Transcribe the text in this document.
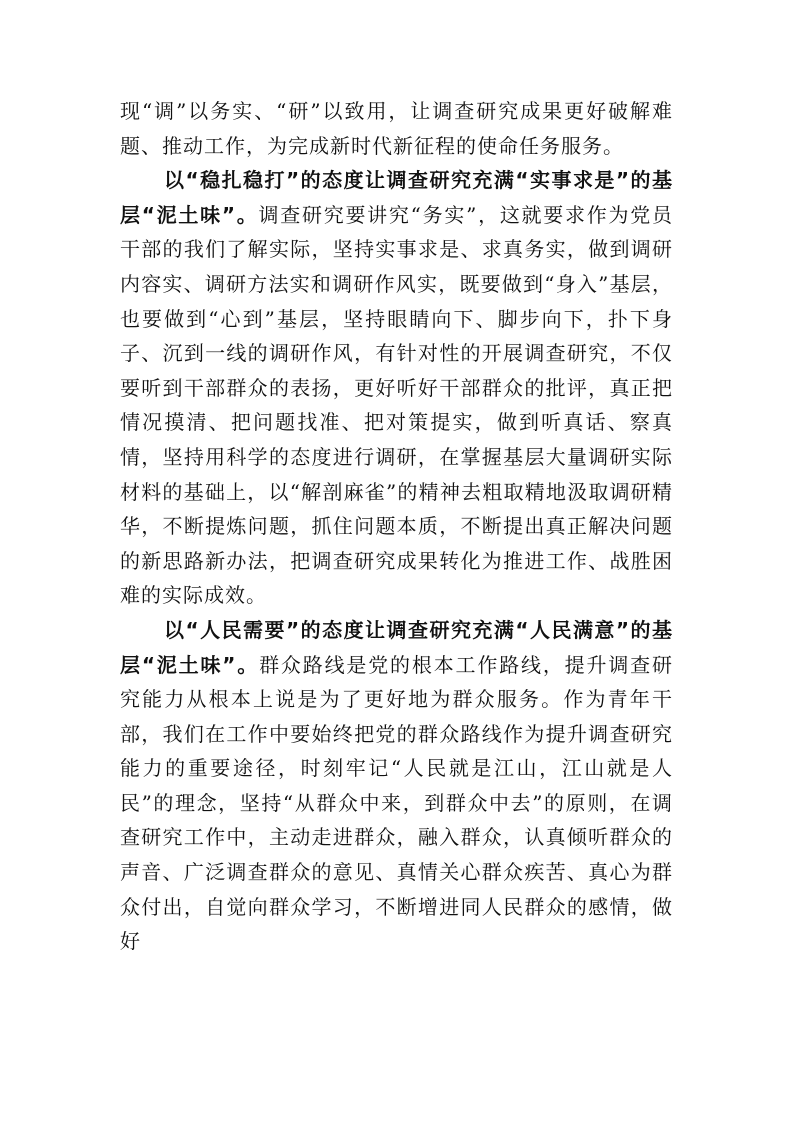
现“调”以务实、“研”以致用，让调查研究成果更好破解难题、推动工作，为完成新时代新征程的使命任务服务。

以“稳扎稳打”的态度让调查研究充满“实事求是”的基层“泥土味”。调查研究要讲究“务实”，这就要求作为党员干部的我们了解实际，坚持实事求是、求真务实，做到调研内容实、调研方法实和调研作风实，既要做到“身入”基层，也要做到“心到”基层，坚持眼睛向下、脚步向下，扑下身子、沉到一线的调研作风，有针对性的开展调查研究，不仅要听到干部群众的表扬，更好听好干部群众的批评，真正把情况摸清、把问题找准、把对策提实，做到听真话、察真情，坚持用科学的态度进行调研，在掌握基层大量调研实际材料的基础上，以“解剖麻雀”的精神去粗取精地汲取调研精华，不断提炼问题，抓住问题本质，不断提出真正解决问题的新思路新办法，把调查研究成果转化为推进工作、战胜困难的实际成效。

以“人民需要”的态度让调查研究充满“人民满意”的基层“泥土味”。群众路线是党的根本工作路线，提升调查研究能力从根本上说是为了更好地为群众服务。作为青年干部，我们在工作中要始终把党的群众路线作为提升调查研究能力的重要途径，时刻牢记“人民就是江山，江山就是人民”的理念，坚持“从群众中来，到群众中去”的原则，在调查研究工作中，主动走进群众，融入群众，认真倾听群众的声音、广泛调查群众的意见、真情关心群众疾苦、真心为群众付出，自觉向群众学习，不断增进同人民群众的感情，做好
